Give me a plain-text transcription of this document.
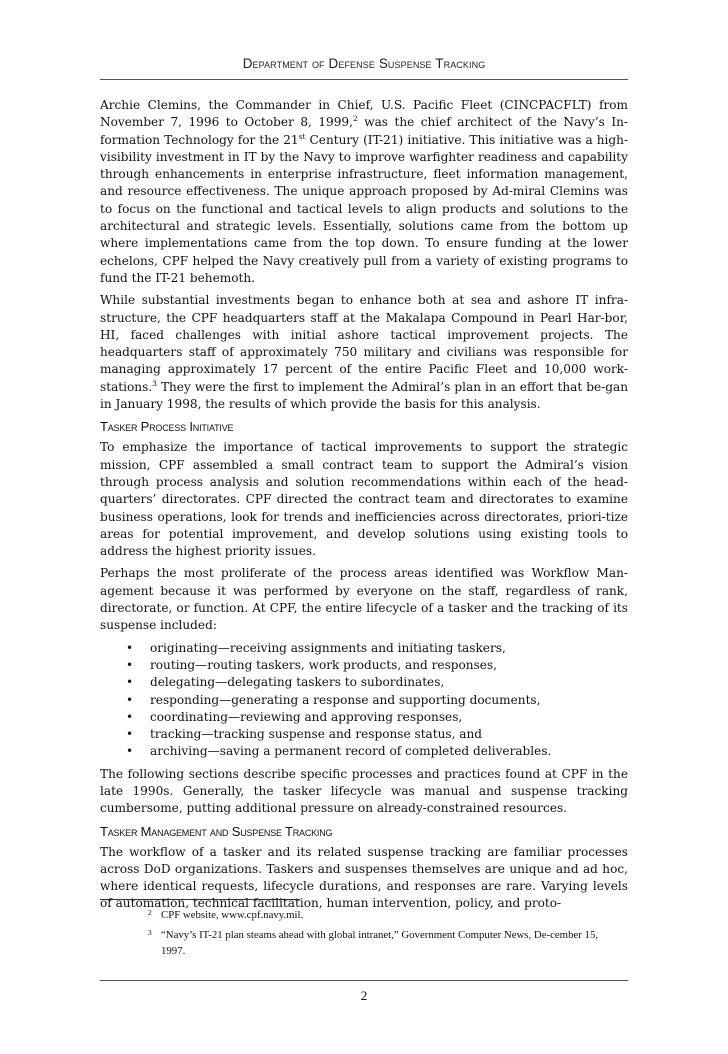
Department of Defense Suspense Tracking

Archie Clemins, the Commander in Chief, U.S. Pacific Fleet (CINCPACFLT) from November 7, 1996 to October 8, 1999,$^2$ was the chief architect of the Navy’s In-formation Technology for the 21st Century (IT-21) initiative. This initiative was a high-visibility investment in IT by the Navy to improve warfighter readiness and capability through enhancements in enterprise infrastructure, fleet information management, and resource effectiveness. The unique approach proposed by Ad-miral Clemins was to focus on the functional and tactical levels to align products and solutions to the architectural and strategic levels. Essentially, solutions came from the bottom up where implementations came from the top down. To ensure funding at the lower echelons, CPF helped the Navy creatively pull from a variety of existing programs to fund the IT-21 behemoth.

While substantial investments began to enhance both at sea and ashore IT infra-structure, the CPF headquarters staff at the Makalapa Compound in Pearl Har-bor, HI, faced challenges with initial ashore tactical improvement projects. The headquarters staff of approximately 750 military and civilians was responsible for managing approximately 17 percent of the entire Pacific Fleet and 10,000 work-stations.$^3$ They were the first to implement the Admiral’s plan in an effort that be-gan in January 1998, the results of which provide the basis for this analysis.

Tasker Process Initiative

To emphasize the importance of tactical improvements to support the strategic mission, CPF assembled a small contract team to support the Admiral’s vision through process analysis and solution recommendations within each of the head-quarters’ directorates. CPF directed the contract team and directorates to examine business operations, look for trends and inefficiencies across directorates, priori-tize areas for potential improvement, and develop solutions using existing tools to address the highest priority issues.

Perhaps the most proliferate of the process areas identified was Workflow Man-agement because it was performed by everyone on the staff, regardless of rank, directorate, or function. At CPF, the entire lifecycle of a tasker and the tracking of its suspense included:

• originating—receiving assignments and initiating taskers,
• routing—routing taskers, work products, and responses,
• delegating—delegating taskers to subordinates,
• responding—generating a response and supporting documents,
• coordinating—reviewing and approving responses,
• tracking—tracking suspense and response status, and
• archiving—saving a permanent record of completed deliverables.

The following sections describe specific processes and practices found at CPF in the late 1990s. Generally, the tasker lifecycle was manual and suspense tracking cumbersome, putting additional pressure on already-constrained resources.

Tasker Management and Suspense Tracking

The workflow of a tasker and its related suspense tracking are familiar processes across DoD organizations. Taskers and suspenses themselves are unique and ad hoc, where identical requests, lifecycle durations, and responses are rare. Varying levels of automation, technical facilitation, human intervention, policy, and proto-

2 CPF website, www.cpf.navy.mil.
3 “Navy’s IT-21 plan steams ahead with global intranet,” Government Computer News, De-cember 15, 1997.
2
